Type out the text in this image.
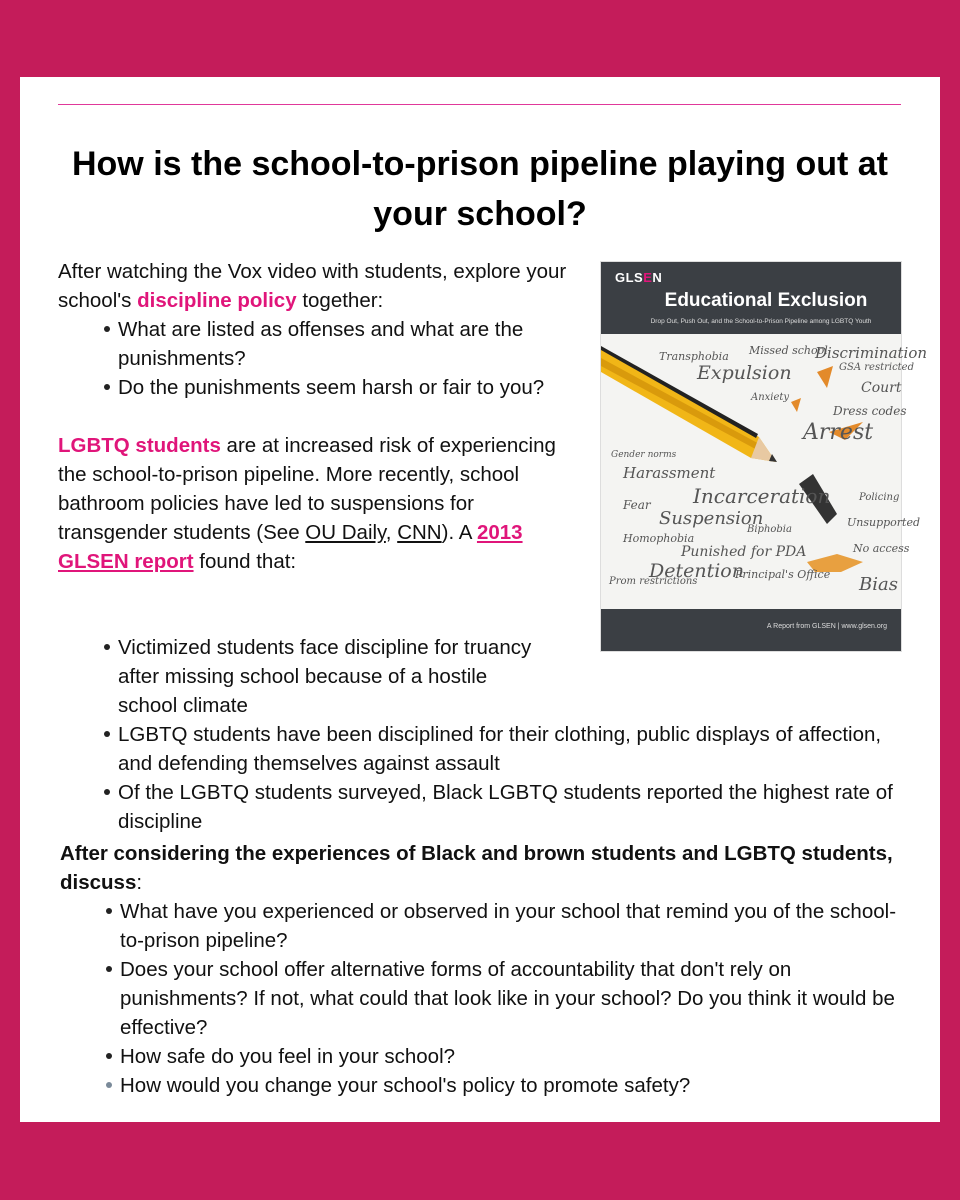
How is the school-to-prison pipeline playing out at your school?

After watching the Vox video with students, explore your school's discipline policy together:

What are listed as offenses and what are the punishments?
Do the punishments seem harsh or fair to you?

LGBTQ students are at increased risk of experiencing the school-to-prison pipeline. More recently, school bathroom policies have led to suspensions for transgender students (See OU Daily, CNN). A 2013 GLSEN report found that:

Victimized students face discipline for truancy after missing school because of a hostile school climate
LGBTQ students have been disciplined for their clothing, public displays of affection, and defending themselves against assault
Of the LGBTQ students surveyed, Black LGBTQ students reported the highest rate of discipline

After considering the experiences of Black and brown students and LGBTQ students, discuss:

What have you experienced or observed in your school that remind you of the school-to-prison pipeline?
Does your school offer alternative forms of accountability that don't rely on punishments? If not, what could that look like in your school? Do you think it would be effective?
How safe do you feel in your school?
How would you change your school's policy to promote safety?
GLSEN
Educational Exclusion
Drop Out, Push Out, and the School-to-Prison Pipeline among LGBTQ Youth
Transphobia Missed school
Discrimination
Expulsion	GSA restricted
Court
Anxiety
Dress codes
Arrest
Gender norms
Harassment
Incarceration	Policing
Fear
Suspension
Biphobia
Unsupported
Homophobia
Punished for PDA	No access
Detention
Principal's Office
Prom restrictions	Bias
A Report from GLSEN | www.glsen.org
